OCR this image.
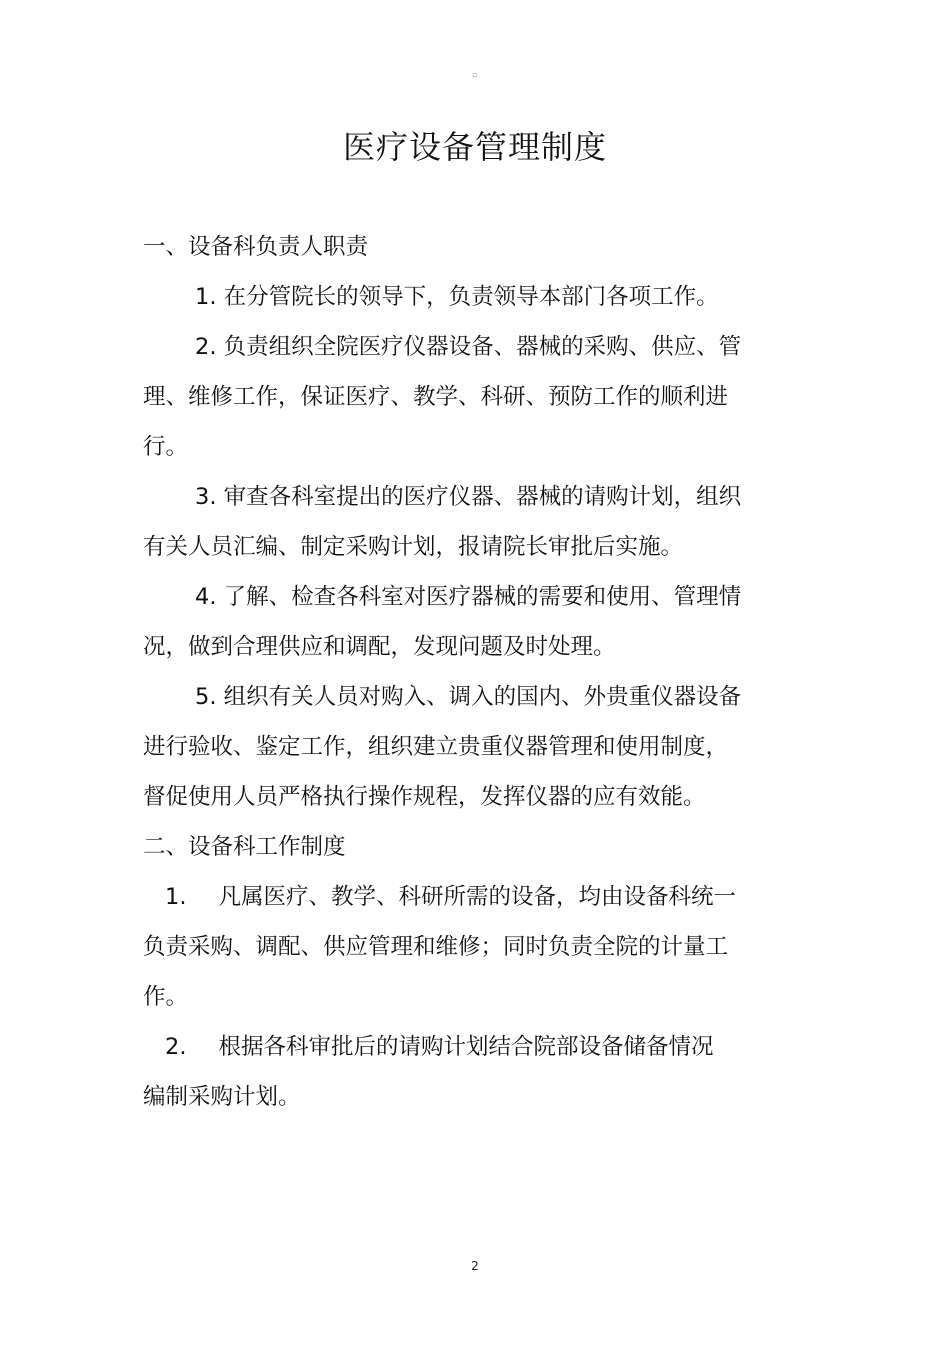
▫
医疗设备管理制度
一、设备科负责人职责
1. 在分管院长的领导下，负责领导本部门各项工作。
2. 负责组织全院医疗仪器设备、器械的采购、供应、管
理、维修工作，保证医疗、教学、科研、预防工作的顺利进
行。
3. 审查各科室提出的医疗仪器、器械的请购计划，组织
有关人员汇编、制定采购计划，报请院长审批后实施。
4. 了解、检查各科室对医疗器械的需要和使用、管理情
况，做到合理供应和调配，发现问题及时处理。
5. 组织有关人员对购入、调入的国内、外贵重仪器设备
进行验收、鉴定工作，组织建立贵重仪器管理和使用制度，
督促使用人员严格执行操作规程，发挥仪器的应有效能。
二、设备科工作制度
1. 凡属医疗、教学、科研所需的设备，均由设备科统一
负责采购、调配、供应管理和维修；同时负责全院的计量工
作。
2. 根据各科审批后的请购计划结合院部设备储备情况
编制采购计划。
2
